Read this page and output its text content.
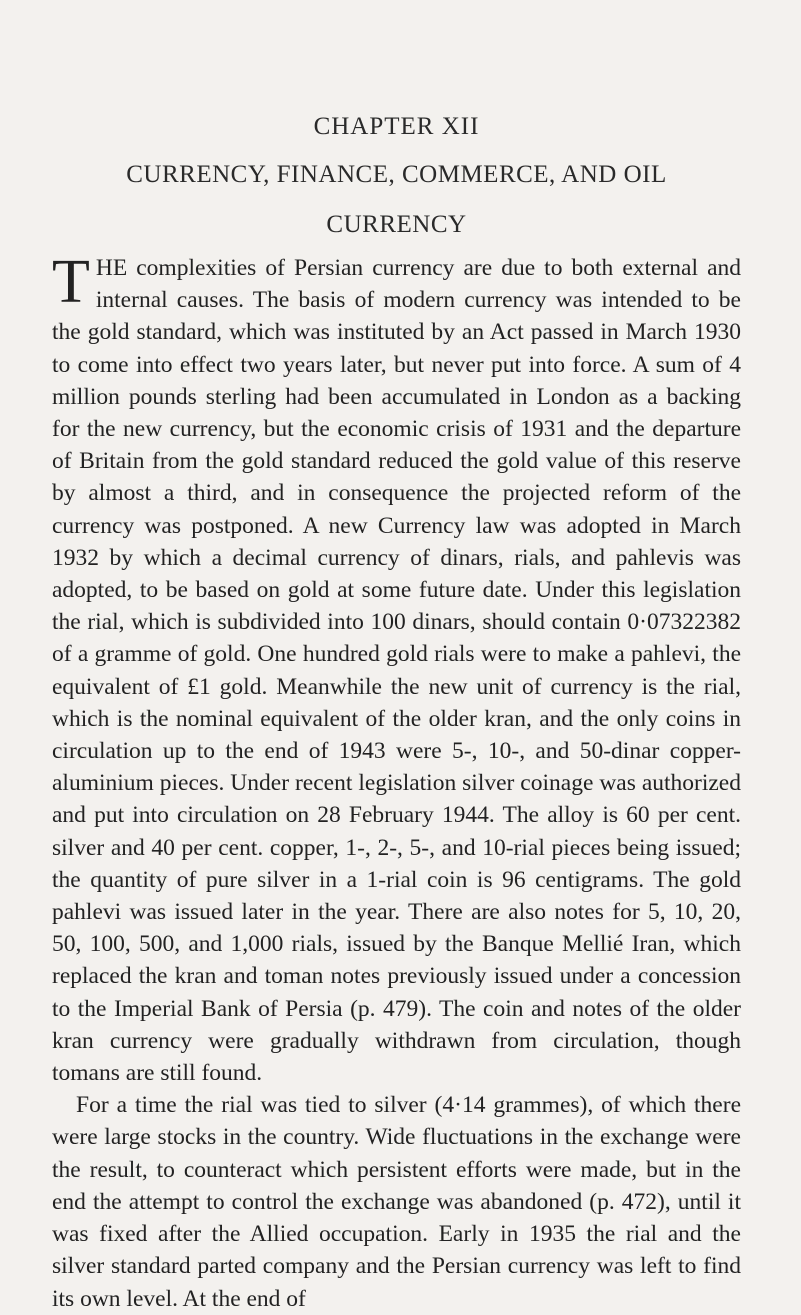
CHAPTER XII
CURRENCY, FINANCE, COMMERCE, AND OIL
CURRENCY

THE complexities of Persian currency are due to both external and internal causes. The basis of modern currency was intended to be the gold standard, which was instituted by an Act passed in March 1930 to come into effect two years later, but never put into force. A sum of 4 million pounds sterling had been accumulated in London as a backing for the new currency, but the economic crisis of 1931 and the departure of Britain from the gold standard reduced the gold value of this reserve by almost a third, and in consequence the projected reform of the currency was postponed. A new Currency law was adopted in March 1932 by which a decimal currency of dinars, rials, and pahlevis was adopted, to be based on gold at some future date. Under this legislation the rial, which is subdivided into 100 dinars, should contain 0·07322382 of a gramme of gold. One hundred gold rials were to make a pahlevi, the equivalent of £1 gold. Meanwhile the new unit of currency is the rial, which is the nominal equivalent of the older kran, and the only coins in circulation up to the end of 1943 were 5-, 10-, and 50-dinar copper-aluminium pieces. Under recent legislation silver coinage was authorized and put into circulation on 28 February 1944. The alloy is 60 per cent. silver and 40 per cent. copper, 1-, 2-, 5-, and 10-rial pieces being issued; the quantity of pure silver in a 1-rial coin is 96 centigrams. The gold pahlevi was issued later in the year. There are also notes for 5, 10, 20, 50, 100, 500, and 1,000 rials, issued by the Banque Mellié Iran, which replaced the kran and toman notes previously issued under a concession to the Imperial Bank of Persia (p. 479). The coin and notes of the older kran currency were gradually withdrawn from circulation, though tomans are still found.

For a time the rial was tied to silver (4·14 grammes), of which there were large stocks in the country. Wide fluctuations in the exchange were the result, to counteract which persistent efforts were made, but in the end the attempt to control the exchange was abandoned (p. 472), until it was fixed after the Allied occupation. Early in 1935 the rial and the silver standard parted company and the Persian currency was left to find its own level. At the end of
